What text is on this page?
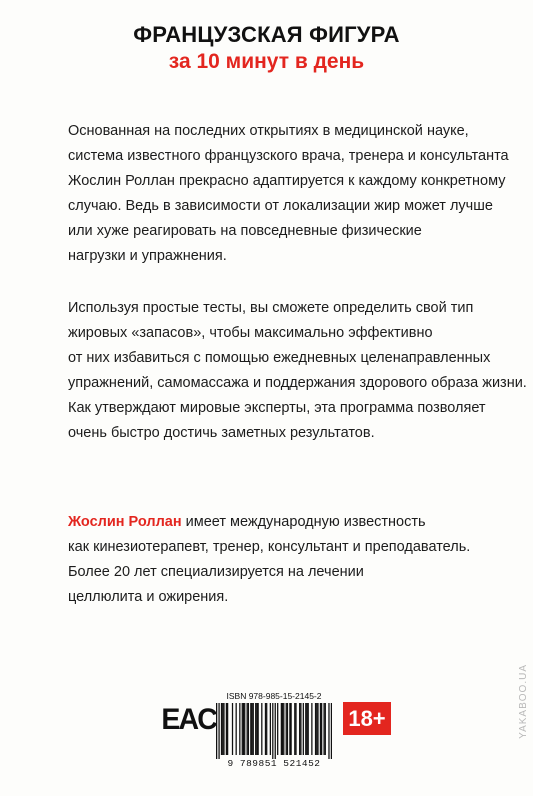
ФРАНЦУЗСКАЯ ФИГУРА
за 10 минут в день
Основанная на последних открытиях в медицинской науке,
система известного французского врача, тренера и консультанта
Жослин Роллан прекрасно адаптируется к каждому конкретному
случаю. Ведь в зависимости от локализации жир может лучше
или хуже реагировать на повседневные физические
нагрузки и упражнения.
Используя простые тесты, вы сможете определить свой тип
жировых «запасов», чтобы максимально эффективно
от них избавиться с помощью ежедневных целенаправленных
упражнений, самомассажа и поддержания здорового образа жизни.
Как утверждают мировые эксперты, эта программа позволяет
очень быстро достичь заметных результатов.
Жослин Роллан имеет международную известность
как кинезиотерапевт, тренер, консультант и преподаватель.
Более 20 лет специализируется на лечении
целлюлита и ожирения.
EAC
ISBN 978-985-15-2145-2
9 789851 521452
18+	YAKABOO.UA
